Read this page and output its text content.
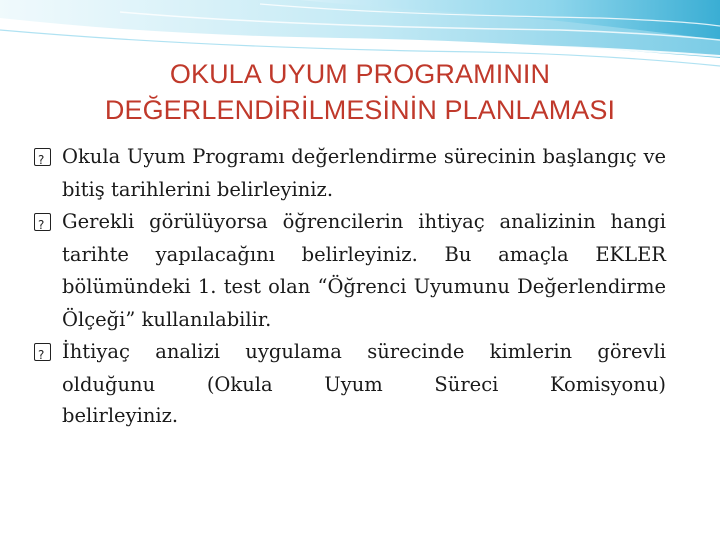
OKULA UYUM PROGRAMININ
DEĞERLENDİRİLMESİNİN PLANLAMASI

?
Okula Uyum Programı değerlendirme sürecinin başlangıç ve bitiş tarihlerini belirleyiniz.

?
Gerekli görülüyorsa öğrencilerin ihtiyaç analizinin hangi tarihte yapılacağını belirleyiniz. Bu amaçla EKLER bölümündeki 1. test olan “Öğrenci Uyumunu Değerlendirme Ölçeği” kullanılabilir.

?
İhtiyaç analizi uygulama sürecinde kimlerin görevli olduğunu (Okula Uyum Süreci Komisyonu)

belirleyiniz.
